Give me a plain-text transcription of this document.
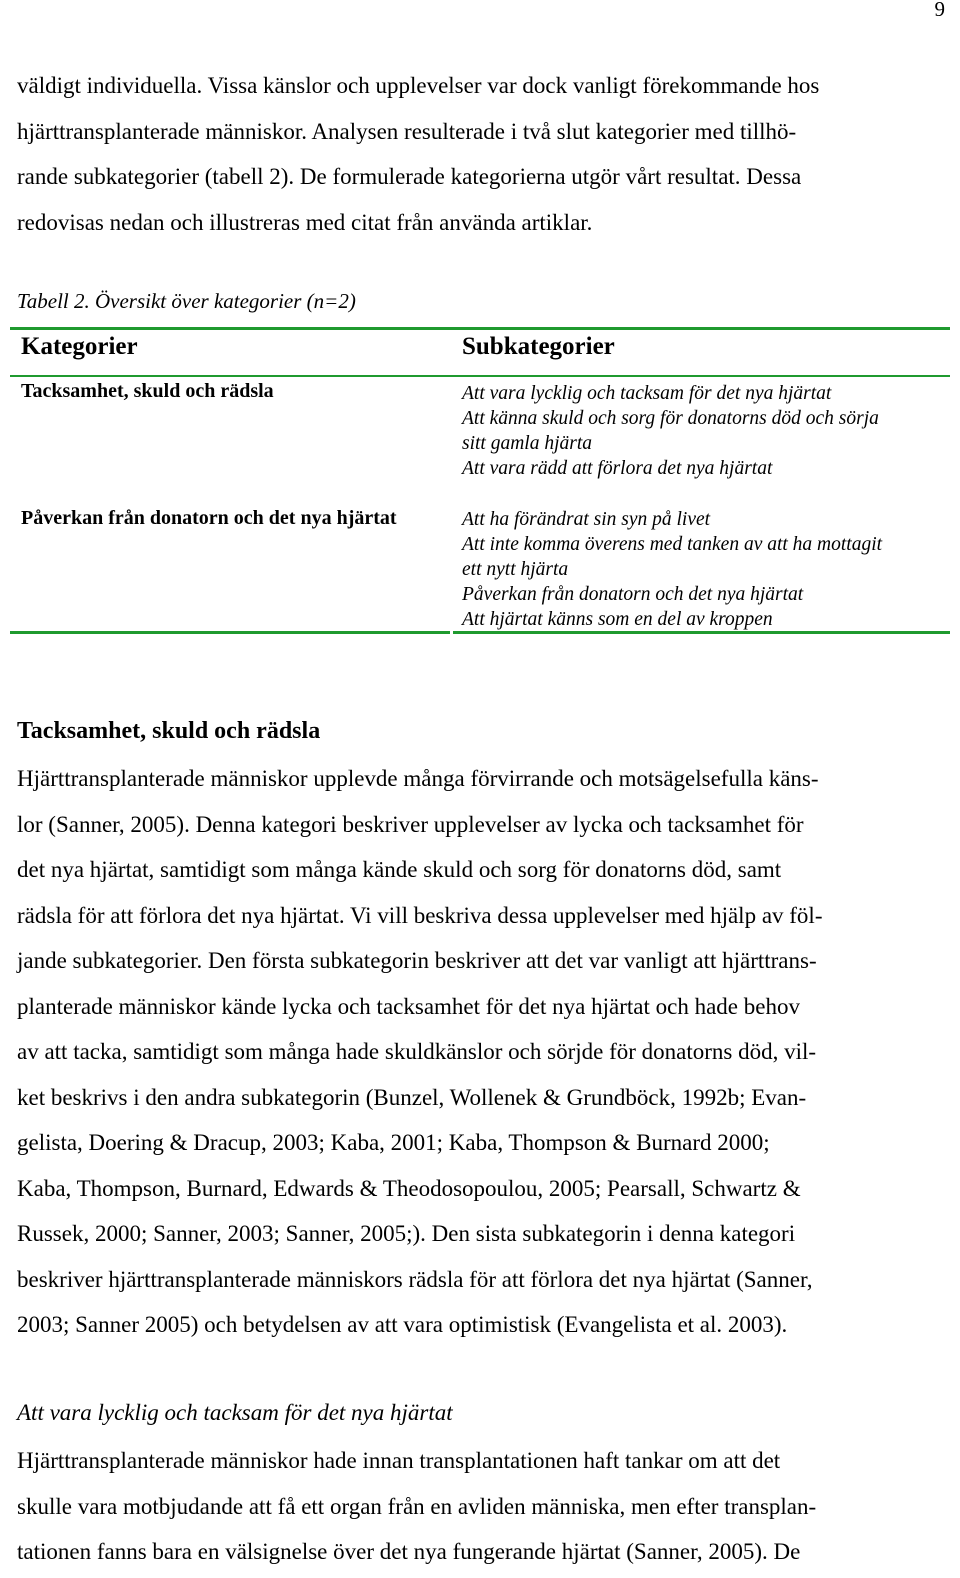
9
väldigt individuella. Vissa känslor och upplevelser var dock vanligt förekommande hos
hjärttransplanterade människor. Analysen resulterade i två slut kategorier med tillhö-
rande subkategorier (tabell 2). De formulerade kategorierna utgör vårt resultat. Dessa
redovisas nedan och illustreras med citat från använda artiklar.
Tabell 2. Översikt över kategorier (n=2)
Kategorier	Subkategorier
Tacksamhet, skuld och rädsla	Att vara lycklig och tacksam för det nya hjärtat
Att känna skuld och sorg för donatorns död och sörja
sitt gamla hjärta
Att vara rädd att förlora det nya hjärtat
Påverkan från donatorn och det nya hjärtat	Att ha förändrat sin syn på livet
Att inte komma överens med tanken av att ha mottagit
ett nytt hjärta
Påverkan från donatorn och det nya hjärtat
Att hjärtat känns som en del av kroppen
Tacksamhet, skuld och rädsla
Hjärttransplanterade människor upplevde många förvirrande och motsägelsefulla käns-
lor (Sanner, 2005). Denna kategori beskriver upplevelser av lycka och tacksamhet för
det nya hjärtat, samtidigt som många kände skuld och sorg för donatorns död, samt
rädsla för att förlora det nya hjärtat. Vi vill beskriva dessa upplevelser med hjälp av föl-
jande subkategorier. Den första subkategorin beskriver att det var vanligt att hjärttrans-
planterade människor kände lycka och tacksamhet för det nya hjärtat och hade behov
av att tacka, samtidigt som många hade skuldkänslor och sörjde för donatorns död, vil-
ket beskrivs i den andra subkategorin (Bunzel, Wollenek & Grundböck, 1992b; Evan-
gelista, Doering & Dracup, 2003; Kaba, 2001; Kaba, Thompson & Burnard 2000;
Kaba, Thompson, Burnard, Edwards & Theodosopoulou, 2005; Pearsall, Schwartz &
Russek, 2000; Sanner, 2003; Sanner, 2005;). Den sista subkategorin i denna kategori
beskriver hjärttransplanterade människors rädsla för att förlora det nya hjärtat (Sanner,
2003; Sanner 2005) och betydelsen av att vara optimistisk (Evangelista et al. 2003).
Att vara lycklig och tacksam för det nya hjärtat
Hjärttransplanterade människor hade innan transplantationen haft tankar om att det
skulle vara motbjudande att få ett organ från en avliden människa, men efter transplan-
tationen fanns bara en välsignelse över det nya fungerande hjärtat (Sanner, 2005). De
